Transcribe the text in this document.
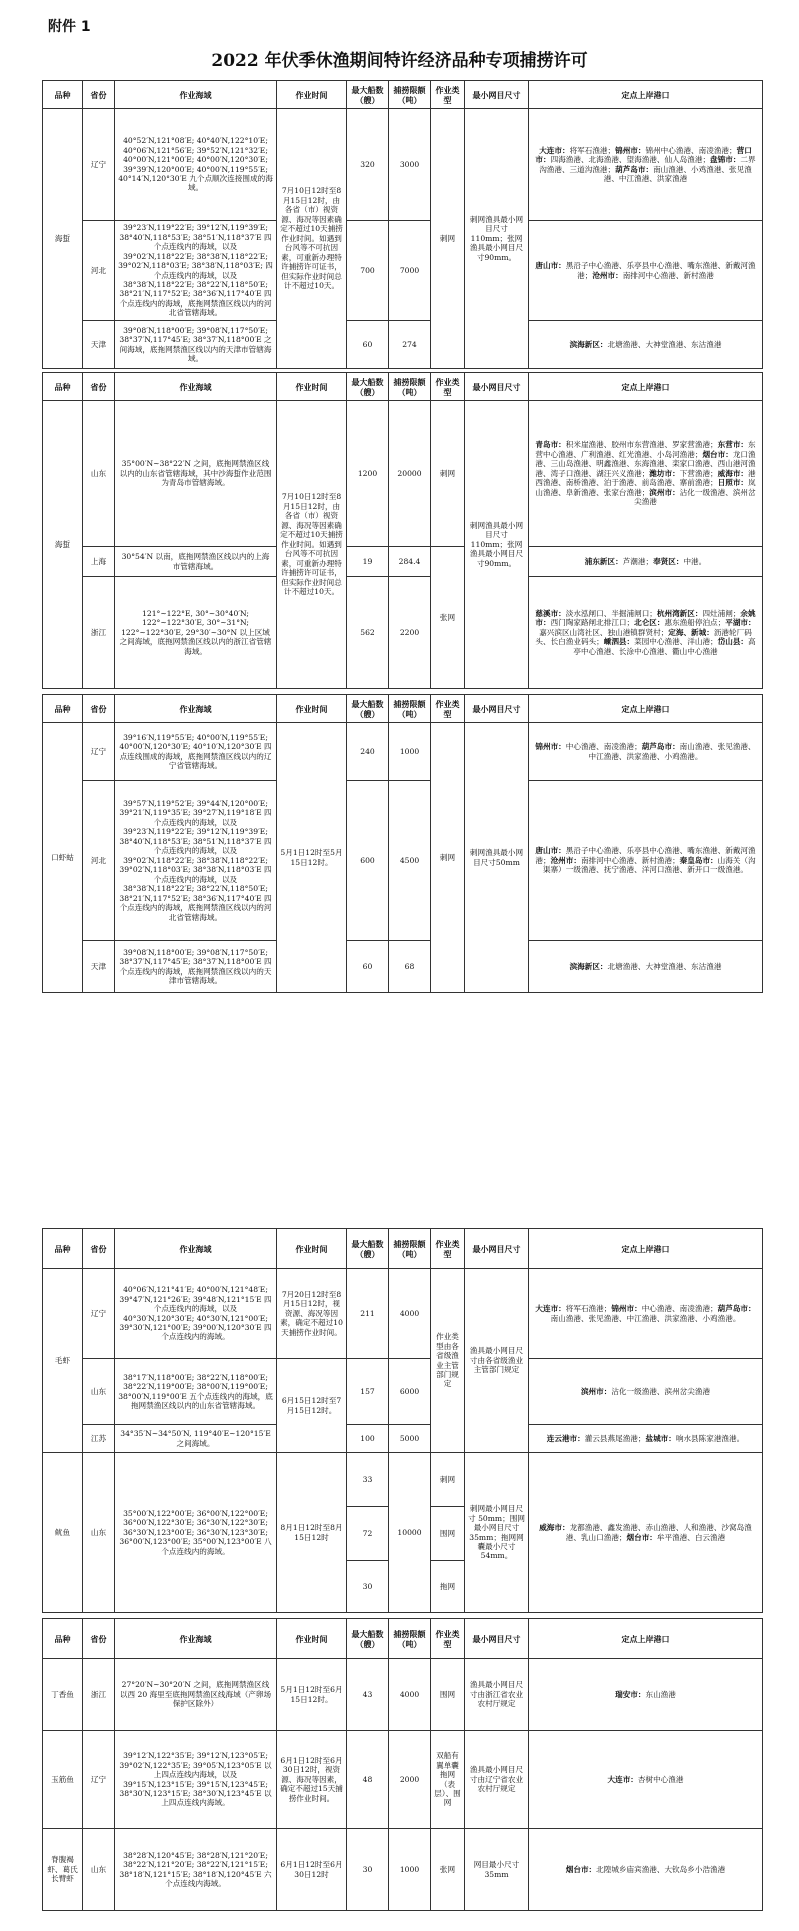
附件 1
2022 年伏季休渔期间特许经济品种专项捕捞许可
品种	省份	作业海域	作业时间	最大船数（艘）	捕捞限额（吨）	作业类型	最小网目尺寸	定点上岸港口
海蜇	辽宁	40°52′N,121°08′E; 40°40′N,122°10′E; 40°06′N,121°56′E; 39°52′N,121°32′E; 40°00′N,121°00′E; 40°00′N,120°30′E; 39°39′N,120°00′E; 40°00′N,119°55′E; 40°14′N,120°30′E 九个点顺次连接围成的海域。	7月10日12时至8月15日12时，由各省（市）视资源、海况等因素确定不超过10天捕捞作业时间。如遇到台风等不可抗因素，可重新办理特许捕捞许可证书，但实际作业时间总计不超过10天。	320	3000	刺网	刺网渔具最小网目尺寸110mm；张网渔具最小网目尺寸90mm。	大连市：将军石渔港；锦州市：锦州中心渔港、南凌渔港；营口市：四海渔港、北海渔港、望海渔港、仙人岛渔港；盘锦市：二界沟渔港、三道沟渔港；葫芦岛市：南山渔港、小鸡渔港、张见渔港、中江渔港、洪家渔港
	河北	39°23′N,119°22′E; 39°12′N,119°39′E; 38°40′N,118°53′E; 38°51′N,118°37′E 四个点连线内的海域，以及 39°02′N,118°22′E; 38°38′N,118°22′E; 39°02′N,118°03′E; 38°38′N,118°03′E; 四个点连线内的海域，以及 38°38′N,118°22′E; 38°22′N,118°50′E; 38°21′N,117°52′E; 38°36′N,117°40′E 四个点连线内的海域，底拖网禁渔区线以内的河北省管辖海域。		700	7000			唐山市：黑沿子中心渔港、乐亭县中心渔港、嘴东渔港、新戴河渔港；沧州市：南排河中心渔港、新村渔港
	天津	39°08′N,118°00′E; 39°08′N,117°50′E; 38°37′N,117°45′E; 38°37′N,118°00′E 之间海域，底拖网禁渔区线以内的天津市管辖海域。		60	274			滨海新区：北塘渔港、大神堂渔港、东沽渔港
品种	省份	作业海域	作业时间	最大船数（艘）	捕捞限额（吨）	作业类型	最小网目尺寸	定点上岸港口
海蜇	山东	35°00′N~38°22′N 之间，底拖网禁渔区线以内的山东省管辖海域，其中沙海蜇作业范围为青岛市管辖海域。	7月10日12时至8月15日12时，由各省（市）视资源、海况等因素确定不超过10天捕捞作业时间。如遇到台风等不可抗因素，可重新办理特许捕捞许可证书，但实际作业时间总计不超过10天。	1200	20000	刺网	刺网渔具最小网目尺寸110mm；张网渔具最小网目尺寸90mm。	青岛市：积米崖渔港、胶州市东营渔港、罗家营渔港；东营市：东营中心渔港、广利渔港、红光渔港、小岛河渔港；烟台市：龙口渔港、三山岛渔港、明鑫渔港、东海渔港、栾家口渔港、西山港河渔港、湾子口渔港、湖汪兴义渔港；潍坊市：下营渔港；威海市：港西渔港、南桥渔港、泊于渔港、前岛渔港、寨前渔港；日照市：岚山渔港、阜新渔港、张家台渔港；滨州市：沾化一级渔港、滨州岔尖渔港
	上海	30°54′N 以南，底拖网禁渔区线以内的上海市管辖海域。		19	284.4	张网		浦东新区：芦潮港；奉贤区：中港。
	浙江	121°~122°E, 30°~30°40′N; 122°~122°30′E, 30°~31°N; 122°~122°30′E, 29°30′~30°N 以上区域之间海域，底拖网禁渔区线以内的浙江省管辖海域。		562	2200			慈溪市：淡水泓闸口、半掘浦闸口；杭州湾新区：四灶浦闸；余姚市：西门陶家路闸北排江口；北仑区：惠东渔船停泊点；平湖市：嘉兴滨区山湾社区、独山港镇群贤村；定海、新城：沥港轮厂码头、长白渔业码头；嵊泗县：菜园中心渔港、洋山港；岱山县：高亭中心渔港、长涂中心渔港、衢山中心渔港
品种	省份	作业海域	作业时间	最大船数（艘）	捕捞限额（吨）	作业类型	最小网目尺寸	定点上岸港口
口虾蛄	辽宁	39°16′N,119°55′E; 40°00′N,119°55′E; 40°00′N,120°30′E; 40°10′N,120°30′E 四点连线围成的海域，底拖网禁渔区线以内的辽宁省管辖海域。	5月1日12时至5月15日12时。	240	1000	刺网	刺网渔具最小网目尺寸50mm	锦州市：中心渔港、南凌渔港；葫芦岛市：南山渔港、张见渔港、中江渔港、洪家渔港、小鸡渔港。
	河北	39°57′N,119°52′E; 39°44′N,120°00′E; 39°21′N,119°35′E; 39°27′N,119°18′E 四个点连线内的海域，以及 39°23′N,119°22′E; 39°12′N,119°39′E; 38°40′N,118°53′E; 38°51′N,118°37′E 四个点连线内的海域，以及 39°02′N,118°22′E; 38°38′N,118°22′E; 39°02′N,118°03′E; 38°38′N,118°03′E 四个点连线内的海域，以及 38°38′N,118°22′E; 38°22′N,118°50′E; 38°21′N,117°52′E; 38°36′N,117°40′E 四个点连线内的海域，底拖网禁渔区线以内的河北省管辖海域。		600	4500			唐山市：黑沿子中心渔港、乐亭县中心渔港、嘴东渔港、新戴河渔港；沧州市：南排河中心渔港、新村渔港；秦皇岛市：山海关（沟渠寨）一级渔港、抚宁渔港、洋河口渔港、新开口一级渔港。
	天津	39°08′N,118°00′E; 39°08′N,117°50′E; 38°37′N,117°45′E; 38°37′N,118°00′E 四个点连线内的海域，底拖网禁渔区线以内的天津市管辖海域。		60	68			滨海新区：北塘渔港、大神堂渔港、东沽渔港
品种	省份	作业海域	作业时间	最大船数（艘）	捕捞限额（吨）	作业类型	最小网目尺寸	定点上岸港口
毛虾	辽宁	40°06′N,121°41′E; 40°00′N,121°48′E; 39°47′N,121°26′E; 39°48′N,121°15′E 四个点连线内的海域，以及 40°30′N,120°30′E; 40°30′N,121°00′E; 39°30′N,121°00′E; 39°00′N,120°30′E 四个点连线内的海域。	7月20日12时至8月15日12时，视资源、海况等因素，确定不超过10天捕捞作业时间。	211	4000	作业类型由各省级渔业主管部门规定	渔具最小网目尺寸由各省级渔业主管部门规定	大连市：将军石渔港；锦州市：中心渔港、南凌渔港；葫芦岛市：南山渔港、张见渔港、中江渔港、洪家渔港、小鸡渔港。
	山东	38°17′N,118°00′E; 38°22′N,118°00′E; 38°22′N,119°00′E; 38°00′N,119°00′E; 38°00′N,119°00′E 五个点连线内的海域，底拖网禁渔区线以内的山东省管辖海域。	6月15日12时至7月15日12时。	157	6000			滨州市：沾化一级渔港、滨州岔尖渔港
	江苏	34°35′N~34°50′N, 119°40′E~120°15′E 之间海域。		100	5000			连云港市：灌云县燕尾渔港；盐城市：响水县陈家港渔港。
鱿鱼	山东	35°00′N,122°00′E; 36°00′N,122°00′E; 36°00′N,122°30′E; 36°30′N,122°30′E; 36°30′N,123°00′E; 36°30′N,123°30′E; 36°00′N,123°00′E; 35°00′N,123°00′E 八个点连线内的海域。	8月1日12时至8月15日12时	33	10000	刺网	刺网最小网目尺寸 50mm；围网最小网目尺寸35mm；拖网网囊最小尺寸54mm。	威海市：龙都渔港、鑫发渔港、赤山渔港、人和渔港、沙窝岛渔港、乳山口渔港；烟台市：牟平渔港、白云渔港
				72		围网		
				30		拖网		
品种	省份	作业海域	作业时间	最大船数（艘）	捕捞限额（吨）	作业类型	最小网目尺寸	定点上岸港口
丁香鱼	浙江	27°20′N~30°20′N 之间，底拖网禁渔区线以西 20 海里至底拖网禁渔区线海域（产卵场保护区除外）	5月1日12时至6月15日12时。	43	4000	围网	渔具最小网目尺寸由浙江省农业农村厅规定	瑞安市：东山渔港
玉筋鱼	辽宁	39°12′N,122°35′E; 39°12′N,123°05′E; 39°02′N,122°35′E; 39°05′N,123°05′E 以上四点连线内海域，以及 39°15′N,123°15′E; 39°15′N,123°45′E; 38°30′N,123°15′E; 38°30′N,123°45′E 以上四点连线内海域。	6月1日12时至6月30日12时，视资源、海况等因素，确定不超过15天捕捞作业时间。	48	2000	双船有翼单囊拖网（表层）、围网	渔具最小网目尺寸由辽宁省农业农村厅规定	大连市：杏树中心渔港
脊腹褐虾、葛氏长臂虾	山东	38°28′N,120°45′E; 38°28′N,121°20′E; 38°22′N,121°20′E; 38°22′N,121°15′E; 38°18′N,121°15′E; 38°18′N,120°45′E 六个点连线内海域。	6月1日12时至6月30日12时	30	1000	张网	网目最小尺寸35mm	烟台市：北隍城乡庙宾渔港、大钦岛乡小浩渔港
